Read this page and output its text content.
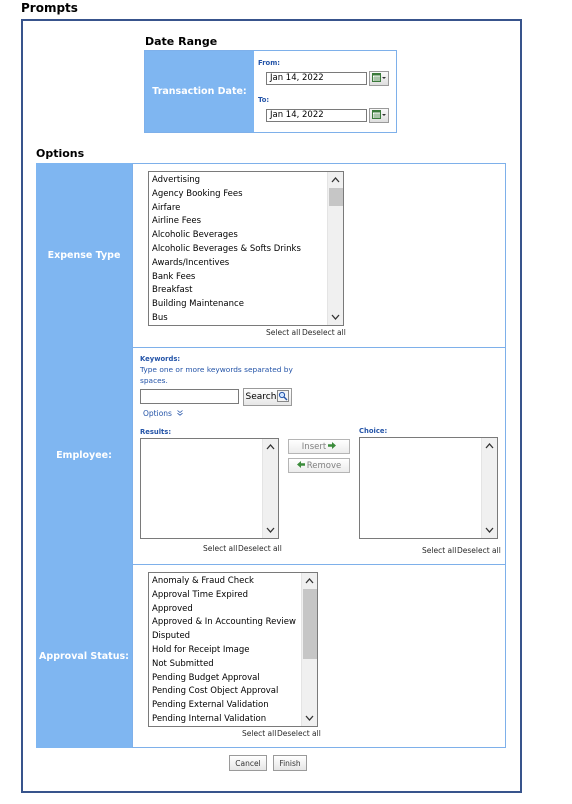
Prompts
Date Range
Transaction Date:
From:
Jan 14, 2022
To:
Jan 14, 2022
Options
Expense Type
Advertising
Agency Booking Fees
Airfare
Airline Fees
Alcoholic Beverages
Alcoholic Beverages & Softs Drinks
Awards/Incentives
Bank Fees
Breakfast
Building Maintenance
Bus
Select all Deselect all
Employee:
Keywords:
Type one or more keywords separated by spaces.
Search
Options
Results:
Insert
Remove
Select all Deselect all
Choice:
Select all Deselect all
Approval Status:
Anomaly & Fraud Check
Approval Time Expired
Approved
Approved & In Accounting Review
Disputed
Hold for Receipt Image
Not Submitted
Pending Budget Approval
Pending Cost Object Approval
Pending External Validation
Pending Internal Validation
Select all Deselect all
Cancel	Finish
